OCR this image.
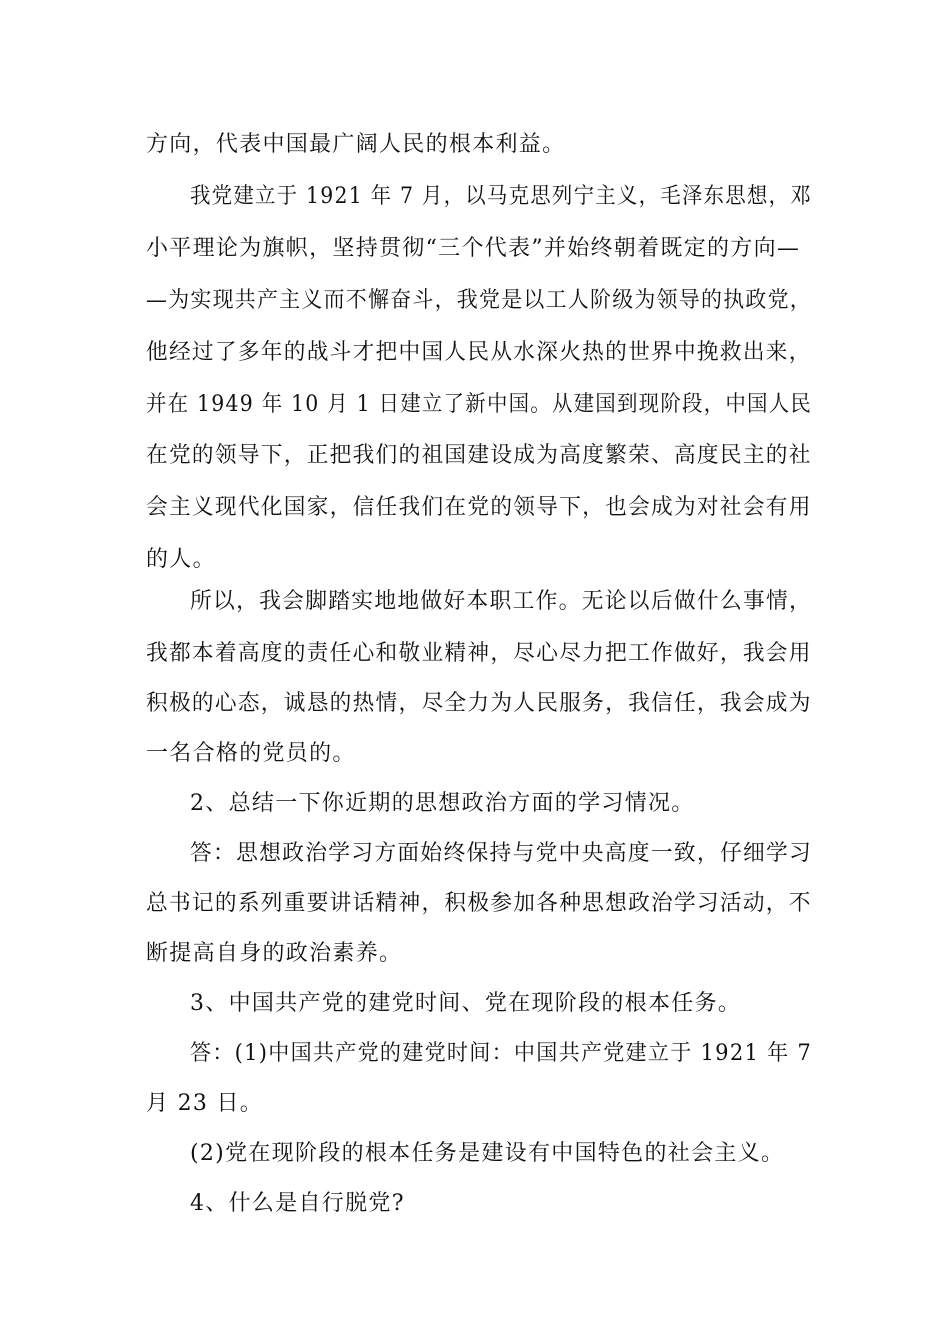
方向，代表中国最广阔人民的根本利益。
我党建立于 1921 年 7 月，以马克思列宁主义，毛泽东思想，邓
小平理论为旗帜，坚持贯彻“三个代表”并始终朝着既定的方向—
—为实现共产主义而不懈奋斗，我党是以工人阶级为领导的执政党，
他经过了多年的战斗才把中国人民从水深火热的世界中挽救出来，
并在 1949 年 10 月 1 日建立了新中国。从建国到现阶段，中国人民
在党的领导下，正把我们的祖国建设成为高度繁荣、高度民主的社
会主义现代化国家，信任我们在党的领导下，也会成为对社会有用
的人。
所以，我会脚踏实地地做好本职工作。无论以后做什么事情，
我都本着高度的责任心和敬业精神，尽心尽力把工作做好，我会用
积极的心态，诚恳的热情，尽全力为人民服务，我信任，我会成为
一名合格的党员的。
2、总结一下你近期的思想政治方面的学习情况。
答：思想政治学习方面始终保持与党中央高度一致，仔细学习
总书记的系列重要讲话精神，积极参加各种思想政治学习活动，不
断提高自身的政治素养。
3、中国共产党的建党时间、党在现阶段的根本任务。
答：(1)中国共产党的建党时间：中国共产党建立于 1921 年 7
月 23 日。
(2)党在现阶段的根本任务是建设有中国特色的社会主义。
4、什么是自行脱党?
